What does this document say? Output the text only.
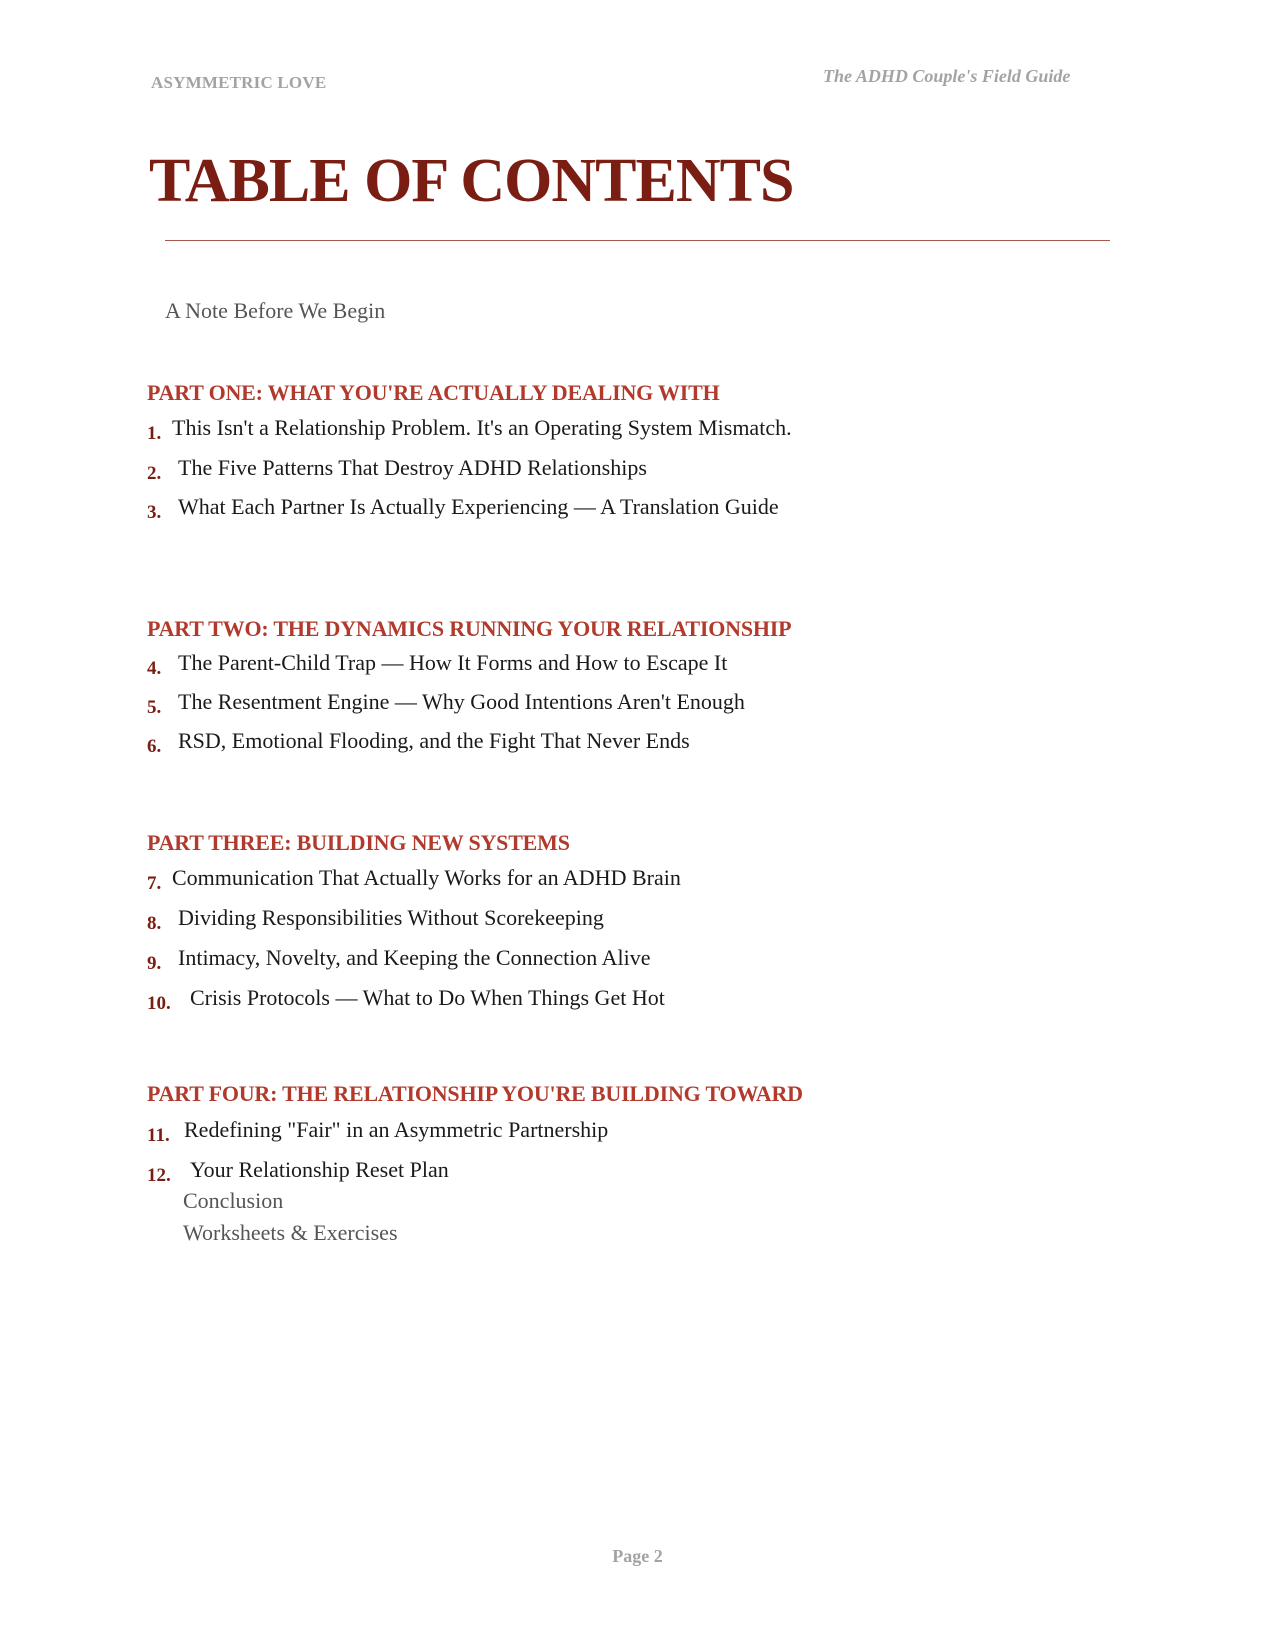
ASYMMETRIC LOVE	The ADHD Couple's Field Guide
TABLE OF CONTENTS
A Note Before We Begin
PART ONE: WHAT YOU'RE ACTUALLY DEALING WITH
1. This Isn't a Relationship Problem. It's an Operating System Mismatch.
2. The Five Patterns That Destroy ADHD Relationships
3. What Each Partner Is Actually Experiencing — A Translation Guide
PART TWO: THE DYNAMICS RUNNING YOUR RELATIONSHIP
4. The Parent-Child Trap — How It Forms and How to Escape It
5. The Resentment Engine — Why Good Intentions Aren't Enough
6. RSD, Emotional Flooding, and the Fight That Never Ends
PART THREE: BUILDING NEW SYSTEMS
7. Communication That Actually Works for an ADHD Brain
8. Dividing Responsibilities Without Scorekeeping
9. Intimacy, Novelty, and Keeping the Connection Alive
10. Crisis Protocols — What to Do When Things Get Hot
PART FOUR: THE RELATIONSHIP YOU'RE BUILDING TOWARD
11. Redefining "Fair" in an Asymmetric Partnership
12. Your Relationship Reset Plan
Conclusion
Worksheets & Exercises
Page 2
